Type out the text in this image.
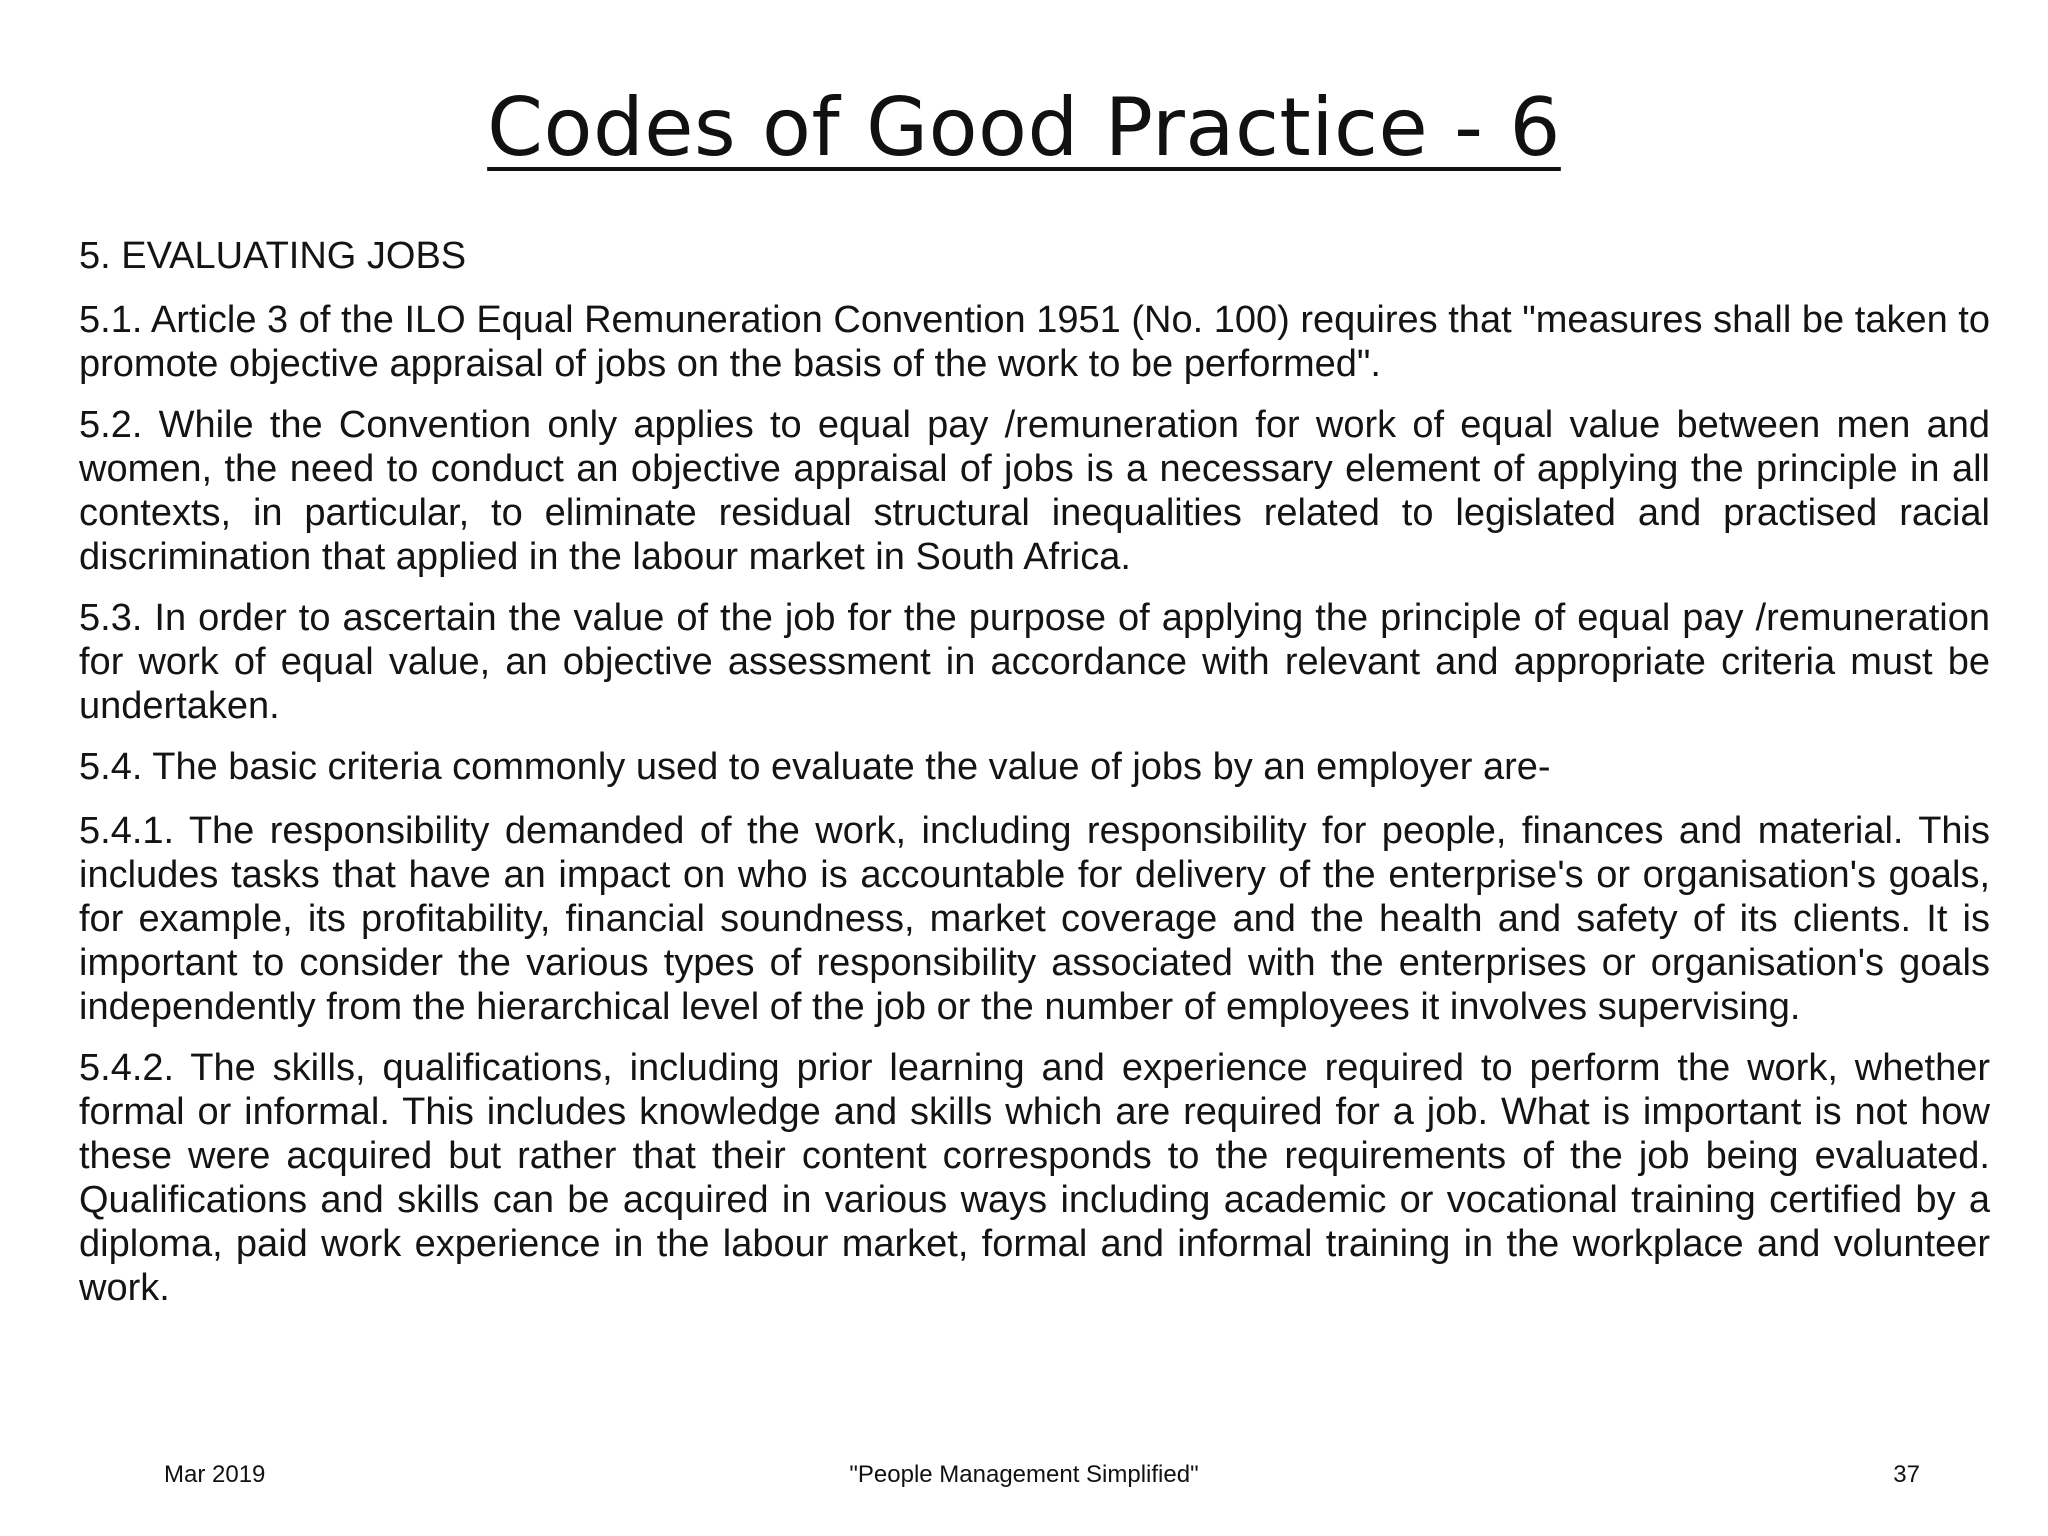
Codes of Good Practice - 6

5. EVALUATING JOBS

5.1. Article 3 of the ILO Equal Remuneration Convention 1951 (No. 100) requires that "measures shall be taken to promote objective appraisal of jobs on the basis of the work to be performed".

5.2. While the Convention only applies to equal pay /remuneration for work of equal value between men and women, the need to conduct an objective appraisal of jobs is a necessary element of applying the principle in all contexts, in particular, to eliminate residual structural inequalities related to legislated and practised racial discrimination that applied in the labour market in South Africa.

5.3. In order to ascertain the value of the job for the purpose of applying the principle of equal pay /remuneration for work of equal value, an objective assessment in accordance with relevant and appropriate criteria must be undertaken.

5.4. The basic criteria commonly used to evaluate the value of jobs by an employer are-

5.4.1. The responsibility demanded of the work, including responsibility for people, finances and material. This includes tasks that have an impact on who is accountable for delivery of the enterprise's or organisation's goals, for example, its profitability, financial soundness, market coverage and the health and safety of its clients. It is important to consider the various types of responsibility associated with the enterprises or organisation's goals independently from the hierarchical level of the job or the number of employees it involves supervising.

5.4.2. The skills, qualifications, including prior learning and experience required to perform the work, whether formal or informal. This includes knowledge and skills which are required for a job. What is important is not how these were acquired but rather that their content corresponds to the requirements of the job being evaluated. Qualifications and skills can be acquired in various ways including academic or vocational training certified by a diploma, paid work experience in the labour market, formal and informal training in the workplace and volunteer work.

Mar 2019	"People Management Simplified"	37
